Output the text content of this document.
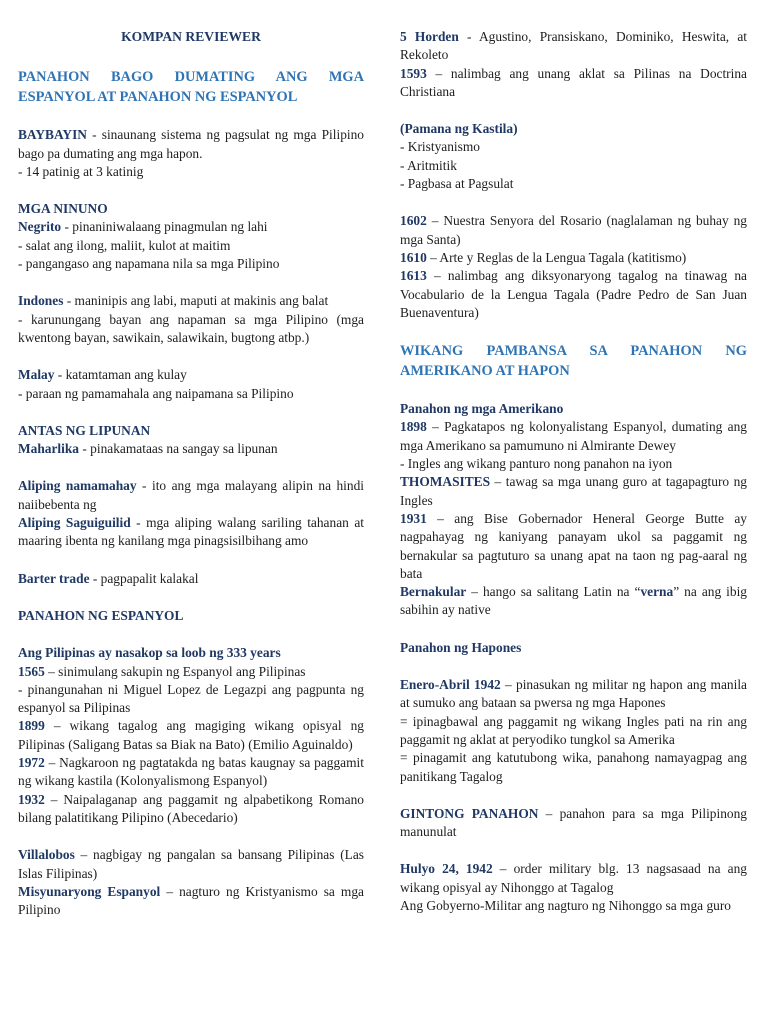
KOMPAN REVIEWER

PANAHON BAGO DUMATING ANG MGA ESPANYOL AT PANAHON NG ESPANYOL

BAYBAYIN - sinaunang sistema ng pagsulat ng mga Pilipino bago pa dumating ang mga hapon.

- 14 patinig at 3 katinig

MGA NINUNO

Negrito - pinaniniwalaang pinagmulan ng lahi

- salat ang ilong, maliit, kulot at maitim

- pangangaso ang napamana nila sa mga Pilipino

Indones - maninipis ang labi, maputi at makinis ang balat

- karunungang bayan ang napaman sa mga Pilipino (mga kwentong bayan, sawikain, salawikain, bugtong atbp.)

Malay - katamtaman ang kulay

- paraan ng pamamahala ang naipamana sa Pilipino

ANTAS NG LIPUNAN

Maharlika - pinakamataas na sangay sa lipunan

Aliping namamahay - ito ang mga malayang alipin na hindi naiibebenta ng

Aliping Saguiguilid - mga aliping walang sariling tahanan at maaring ibenta ng kanilang mga pinagsisilbihang amo

Barter trade - pagpapalit kalakal

PANAHON NG ESPANYOL

Ang Pilipinas ay nasakop sa loob ng 333 years

1565 – sinimulang sakupin ng Espanyol ang Pilipinas

- pinangunahan ni Miguel Lopez de Legazpi ang pagpunta ng espanyol sa Pilipinas

1899 – wikang tagalog ang magiging wikang opisyal ng Pilipinas (Saligang Batas sa Biak na Bato) (Emilio Aguinaldo)

1972 – Nagkaroon ng pagtatakda ng batas kaugnay sa paggamit ng wikang kastila (Kolonyalismong Espanyol)

1932 – Naipalaganap ang paggamit ng alpabetikong Romano bilang palatitikang Pilipino (Abecedario)

Villalobos – nagbigay ng pangalan sa bansang Pilipinas (Las Islas Filipinas)

Misyunaryong Espanyol – nagturo ng Kristyanismo sa mga Pilipino

5 Horden - Agustino, Pransiskano, Dominiko, Heswita, at Rekoleto

1593 – nalimbag ang unang aklat sa Pilinas na Doctrina Christiana

(Pamana ng Kastila)

- Kristyanismo

- Aritmitik

- Pagbasa at Pagsulat

1602 – Nuestra Senyora del Rosario (naglalaman ng buhay ng mga Santa)

1610 – Arte y Reglas de la Lengua Tagala (katitismo)

1613 – nalimbag ang diksyonaryong tagalog na tinawag na Vocabulario de la Lengua Tagala (Padre Pedro de San Juan Buenaventura)

WIKANG PAMBANSA SA PANAHON NG AMERIKANO AT HAPON

Panahon ng mga Amerikano

1898 – Pagkatapos ng kolonyalistang Espanyol, dumating ang mga Amerikano sa pamumuno ni Almirante Dewey

- Ingles ang wikang panturo nong panahon na iyon

THOMASITES – tawag sa mga unang guro at tagapagturo ng Ingles

1931 – ang Bise Gobernador Heneral George Butte ay nagpahayag ng kaniyang panayam ukol sa paggamit ng bernakular sa pagtuturo sa unang apat na taon ng pag-aaral ng bata

Bernakular – hango sa salitang Latin na “verna” na ang ibig sabihin ay native

Panahon ng Hapones

Enero-Abril 1942 – pinasukan ng militar ng hapon ang manila at sumuko ang bataan sa pwersa ng mga Hapones

= ipinagbawal ang paggamit ng wikang Ingles pati na rin ang paggamit ng aklat at peryodiko tungkol sa Amerika

= pinagamit ang katutubong wika, panahong namayagpag ang panitikang Tagalog

GINTONG PANAHON – panahon para sa mga Pilipinong manunulat

Hulyo 24, 1942 – order military blg. 13 nagsasaad na ang wikang opisyal ay Nihonggo at Tagalog

Ang Gobyerno-Militar ang nagturo ng Nihonggo sa mga guro
